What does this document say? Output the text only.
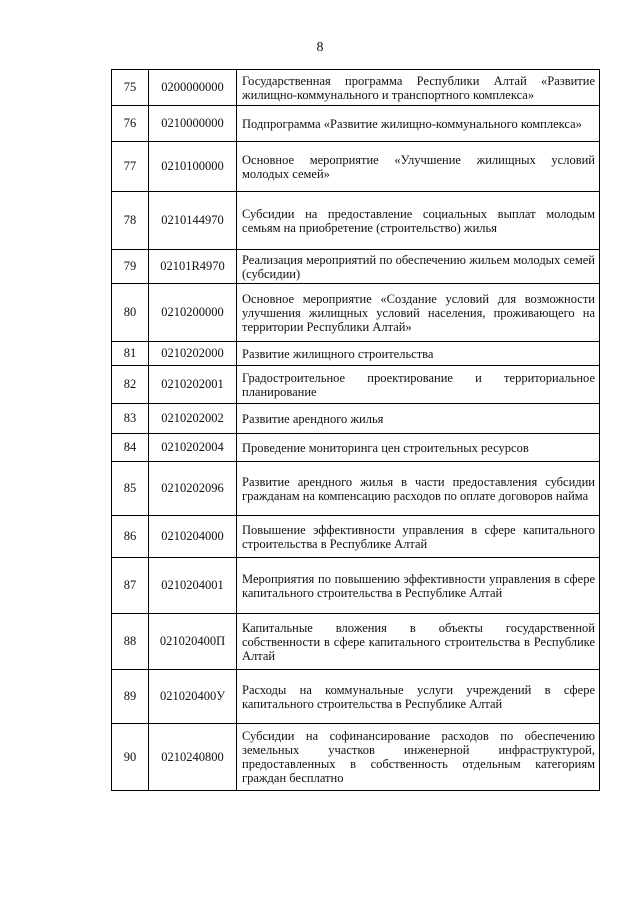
8
75	0200000000	Государственная программа Республики Алтай «Развитие жилищно-коммунального и транспортного комплекса»
76	0210000000	Подпрограмма «Развитие жилищно-коммунального комплекса»
77	0210100000	Основное мероприятие «Улучшение жилищных условий молодых семей»
78	0210144970	Субсидии на предоставление социальных выплат молодым семьям на приобретение (строительство) жилья
79	02101R4970	Реализация мероприятий по обеспечению жильем молодых семей (субсидии)
80	0210200000	Основное мероприятие «Создание условий для возможности улучшения жилищных условий населения, проживающего на территории Республики Алтай»
81	0210202000	Развитие жилищного строительства
82	0210202001	Градостроительное проектирование и территориальное планирование
83	0210202002	Развитие арендного жилья
84	0210202004	Проведение мониторинга цен строительных ресурсов
85	0210202096	Развитие арендного жилья в части предоставления субсидии гражданам на компенсацию расходов по оплате договоров найма
86	0210204000	Повышение эффективности управления в сфере капитального строительства в Республике Алтай
87	0210204001	Мероприятия по повышению эффективности управления в сфере капитального строительства в Республике Алтай
88	021020400П	Капитальные вложения в объекты государственной собственности в сфере капитального строительства в Республике Алтай
89	021020400У	Расходы на коммунальные услуги учреждений в сфере капитального строительства в Республике Алтай
90	0210240800	Субсидии на софинансирование расходов по обеспечению земельных участков инженерной инфраструктурой, предоставленных в собственность отдельным категориям граждан бесплатно
